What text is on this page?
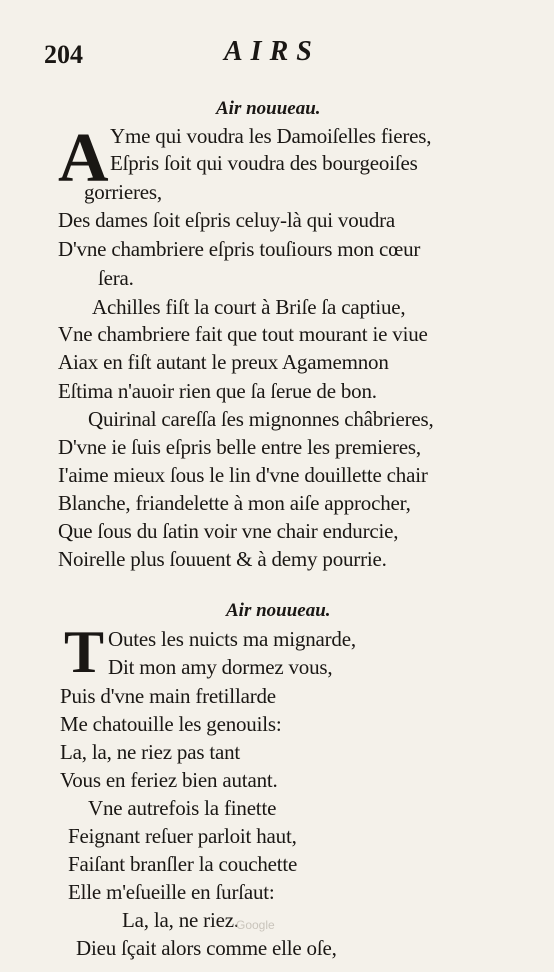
204	AIRS
Air nouueau.
A Yme qui voudra les Damoiſelles fieres,
Eſpris ſoit qui voudra des bourgeoiſes
gorrieres,
Des dames ſoit eſpris celuy-là qui voudra
D'vne chambriere eſpris touſiours mon cœur
ſera.
Achilles fiſt la court à Briſe ſa captiue,
Vne chambriere fait que tout mourant ie viue
Aiax en fiſt autant le preux Agamemnon
Eſtima n'auoir rien que ſa ſerue de bon.
Quirinal careſſa ſes mignonnes châbrieres,
D'vne ie ſuis eſpris belle entre les premieres,
I'aime mieux ſous le lin d'vne douillette chair
Blanche, friandelette à mon aiſe approcher,
Que ſous du ſatin voir vne chair endurcie,
Noirelle plus ſouuent & à demy pourrie.
Air nouueau.
T Outes les nuicts ma mignarde,
Dit mon amy dormez vous,
Puis d'vne main fretillarde
Me chatouille les genouils:
La, la, ne riez pas tant
Vous en feriez bien autant.
Vne autrefois la finette
Feignant reſuer parloit haut,
Faiſant branſler la couchette
Elle m'eſueille en ſurſaut:
La, la, ne riez.
Dieu ſçait alors comme elle oſe,
Google
